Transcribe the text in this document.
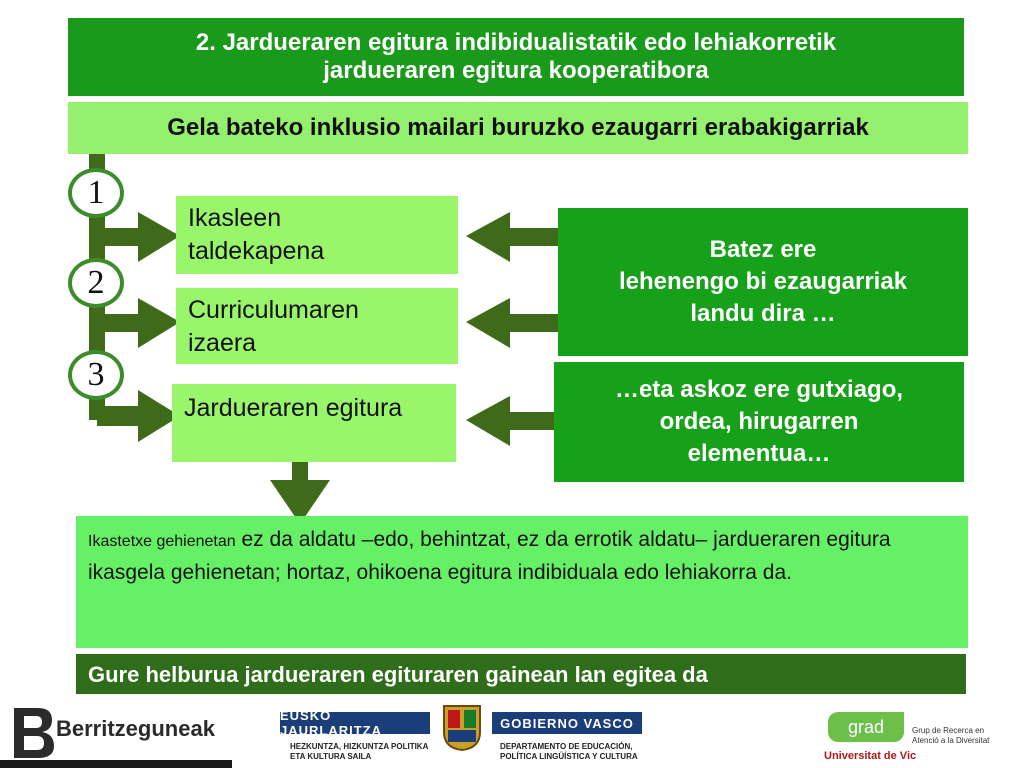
2. Jardueraren egitura indibidualistatik edo lehiakorretik
jardueraren egitura kooperatibora
Gela bateko inklusio mailari buruzko ezaugarri erabakigarriak
1
2
3
Ikasleen
taldekapena
Curriculumaren
izaera
Jardueraren egitura
Batez ere
lehenengo bi ezaugarriak
landu dira …
…eta askoz ere gutxiago,
ordea, hirugarren
elementua…
Ikastetxe gehienetan ez da aldatu –edo, behintzat, ez da errotik aldatu– jardueraren egitura ikasgela gehienetan; hortaz, ohikoena egitura indibiduala edo lehiakorra da.
Gure helburua jardueraren egituraren gainean lan egitea da
Berritzeguneak
EUSKO JAURLARITZA
HEZKUNTZA, HIZKUNTZA POLITIKA
ETA KULTURA SAILA
GOBIERNO VASCO
DEPARTAMENTO DE EDUCACIÓN,
POLÍTICA LINGÜÍSTICA Y CULTURA
grad	Grup de Recerca en
Atenció a la Diversitat
Universitat de Vic
